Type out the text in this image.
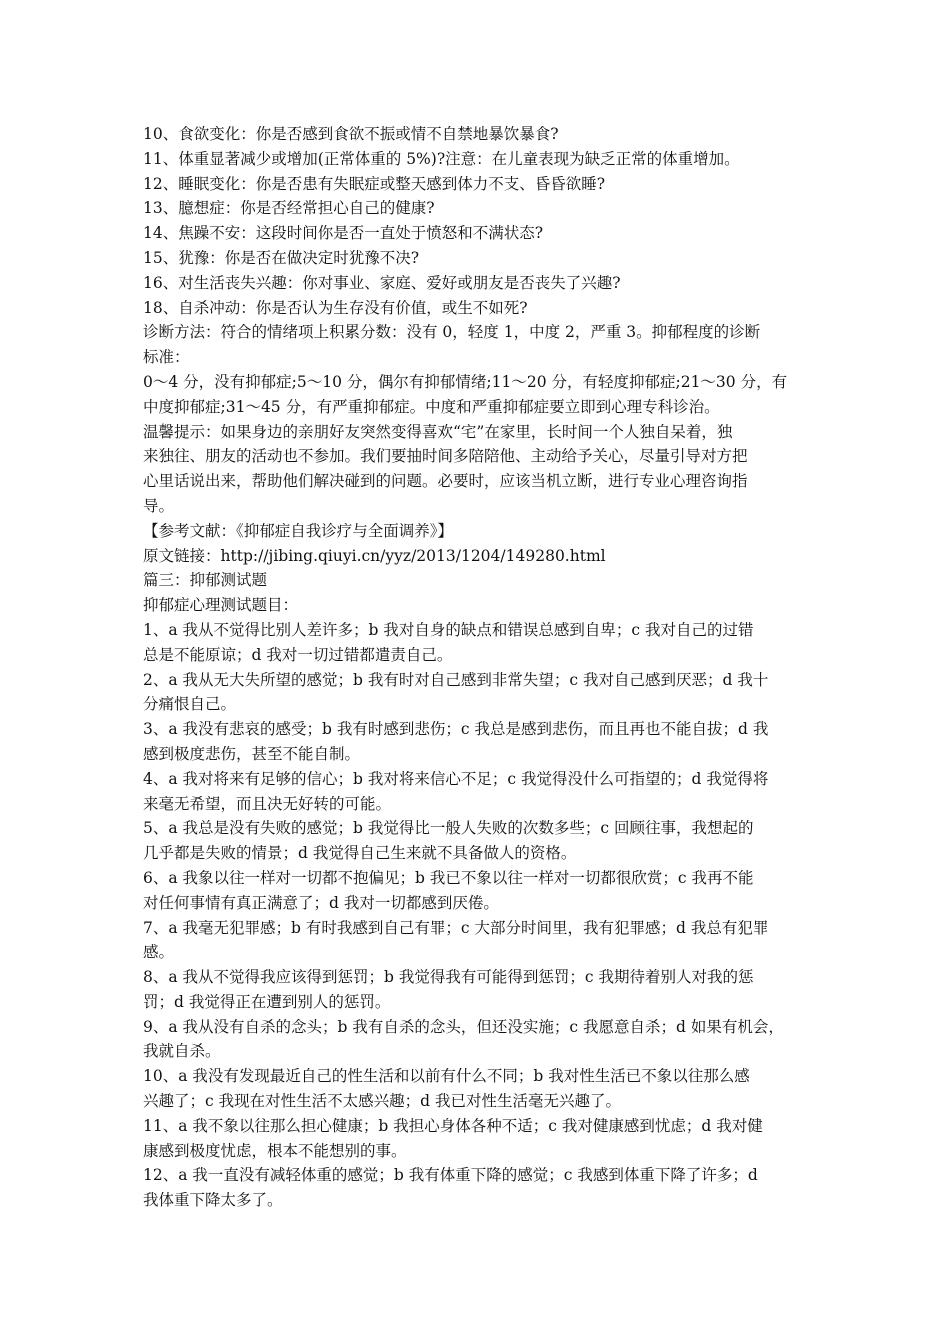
10、食欲变化：你是否感到食欲不振或情不自禁地暴饮暴食?
11、体重显著减少或增加(正常体重的 5%)?注意：在儿童表现为缺乏正常的体重增加。
12、睡眠变化：你是否患有失眠症或整天感到体力不支、昏昏欲睡?
13、臆想症：你是否经常担心自己的健康?
14、焦躁不安：这段时间你是否一直处于愤怒和不满状态?
15、犹豫：你是否在做决定时犹豫不决?
16、对生活丧失兴趣：你对事业、家庭、爱好或朋友是否丧失了兴趣?
18、自杀冲动：你是否认为生存没有价值，或生不如死?
诊断方法：符合的情绪项上积累分数：没有 0，轻度 1，中度 2，严重 3。抑郁程度的诊断
标准：
0～4 分，没有抑郁症;5～10 分，偶尔有抑郁情绪;11～20 分，有轻度抑郁症;21～30 分，有
中度抑郁症;31～45 分，有严重抑郁症。中度和严重抑郁症要立即到心理专科诊治。
温馨提示：如果身边的亲朋好友突然变得喜欢“宅”在家里，长时间一个人独自呆着，独
来独往、朋友的活动也不参加。我们要抽时间多陪陪他、主动给予关心，尽量引导对方把
心里话说出来，帮助他们解决碰到的问题。必要时，应该当机立断，进行专业心理咨询指
导。
【参考文献：《抑郁症自我诊疗与全面调养》】
原文链接：http://jibing.qiuyi.cn/yyz/2013/1204/149280.html
篇三：抑郁测试题
抑郁症心理测试题目：
1、a 我从不觉得比别人差许多；b 我对自身的缺点和错误总感到自卑；c 我对自己的过错
总是不能原谅；d 我对一切过错都遣责自己。
2、a 我从无大失所望的感觉；b 我有时对自己感到非常失望；c 我对自己感到厌恶；d 我十
分痛恨自己。
3、a 我没有悲哀的感受；b 我有时感到悲伤；c 我总是感到悲伤，而且再也不能自拔；d 我
感到极度悲伤，甚至不能自制。
4、a 我对将来有足够的信心；b 我对将来信心不足；c 我觉得没什么可指望的；d 我觉得将
来毫无希望，而且决无好转的可能。
5、a 我总是没有失败的感觉；b 我觉得比一般人失败的次数多些；c 回顾往事，我想起的
几乎都是失败的情景；d 我觉得自己生来就不具备做人的资格。
6、a 我象以往一样对一切都不抱偏见；b 我已不象以往一样对一切都很欣赏；c 我再不能
对任何事情有真正满意了；d 我对一切都感到厌倦。
7、a 我毫无犯罪感；b 有时我感到自己有罪；c 大部分时间里，我有犯罪感；d 我总有犯罪
感。
8、a 我从不觉得我应该得到惩罚；b 我觉得我有可能得到惩罚；c 我期待着别人对我的惩
罚；d 我觉得正在遭到别人的惩罚。
9、a 我从没有自杀的念头；b 我有自杀的念头，但还没实施；c 我愿意自杀；d 如果有机会，
我就自杀。
10、a 我没有发现最近自己的性生活和以前有什么不同；b 我对性生活已不象以往那么感
兴趣了；c 我现在对性生活不太感兴趣；d 我已对性生活毫无兴趣了。
11、a 我不象以往那么担心健康；b 我担心身体各种不适；c 我对健康感到忧虑；d 我对健
康感到极度忧虑，根本不能想别的事。
12、a 我一直没有减轻体重的感觉；b 我有体重下降的感觉；c 我感到体重下降了许多；d
我体重下降太多了。
